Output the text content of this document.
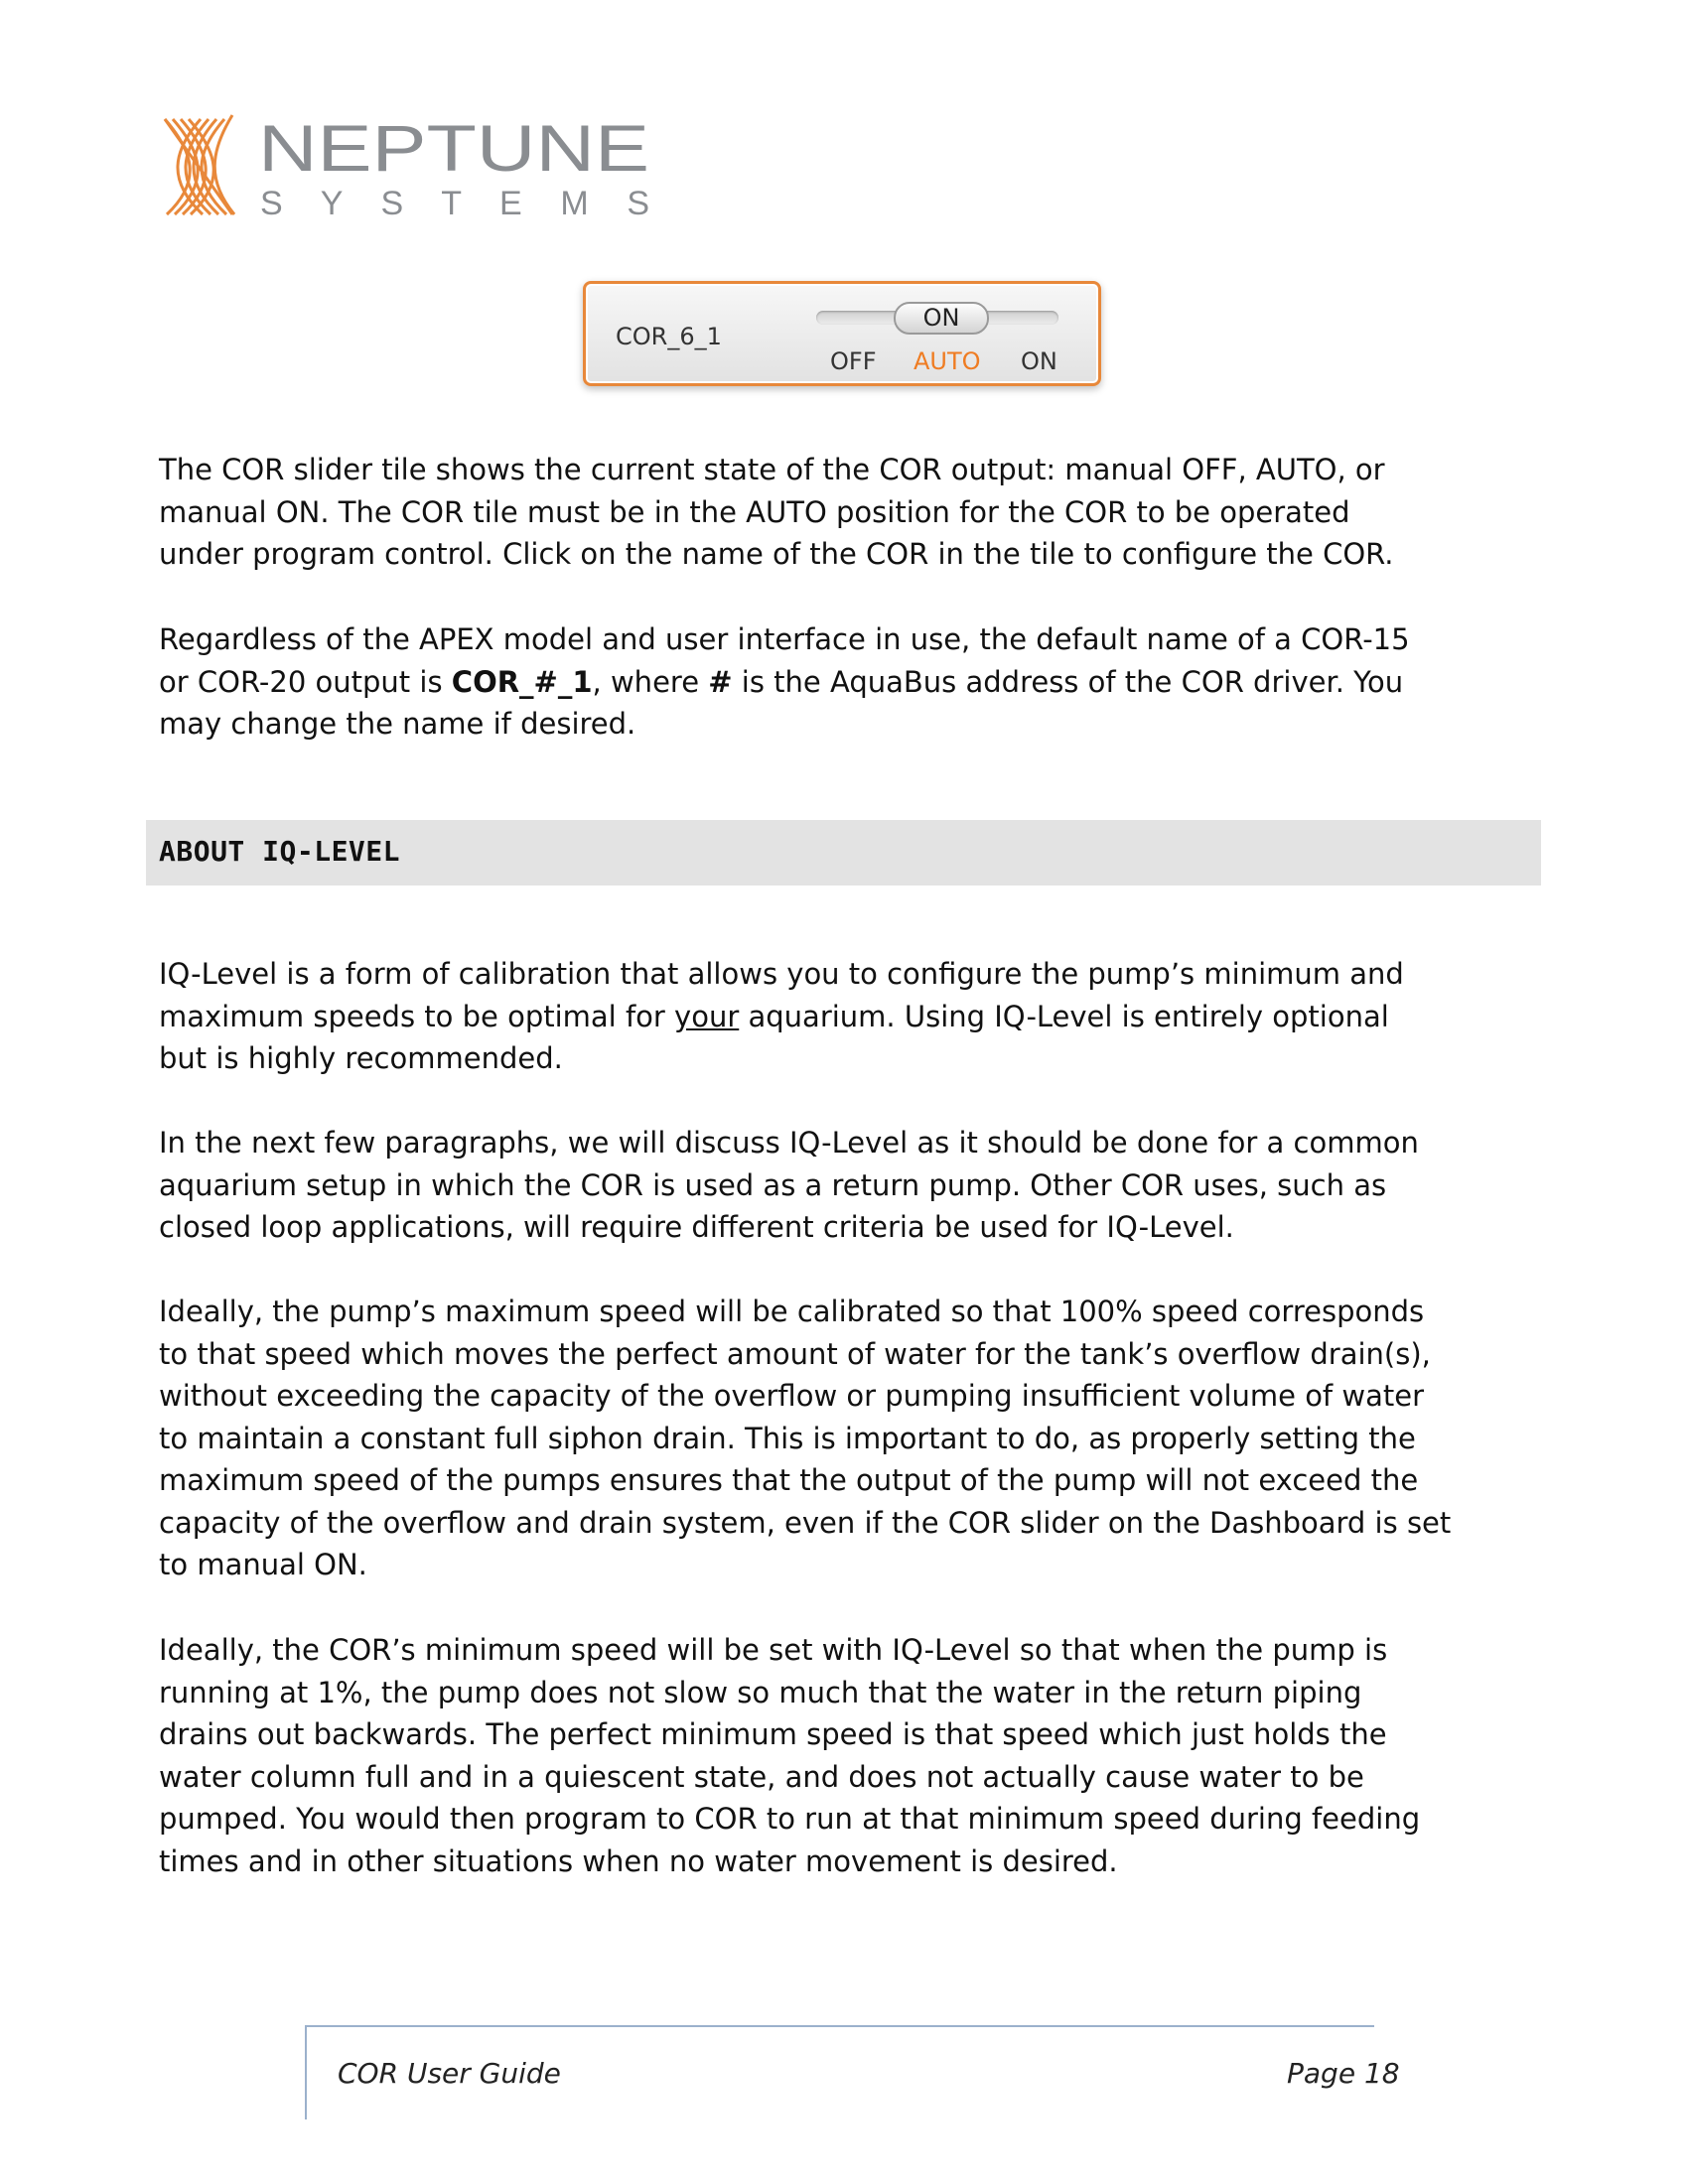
NEPTUNE
S Y S T E M S
COR_6_1
ON
OFF AUTO ON

The COR slider tile shows the current state of the COR output: manual OFF, AUTO, or
manual ON. The COR tile must be in the AUTO position for the COR to be operated
under program control. Click on the name of the COR in the tile to configure the COR.

Regardless of the APEX model and user interface in use, the default name of a COR-15
or COR-20 output is COR_#_1, where # is the AquaBus address of the COR driver. You
may change the name if desired.

ABOUT IQ-LEVEL

IQ-Level is a form of calibration that allows you to configure the pump’s minimum and
maximum speeds to be optimal for your aquarium. Using IQ-Level is entirely optional
but is highly recommended.

In the next few paragraphs, we will discuss IQ-Level as it should be done for a common
aquarium setup in which the COR is used as a return pump. Other COR uses, such as
closed loop applications, will require different criteria be used for IQ-Level.

Ideally, the pump’s maximum speed will be calibrated so that 100% speed corresponds
to that speed which moves the perfect amount of water for the tank’s overflow drain(s),
without exceeding the capacity of the overflow or pumping insufficient volume of water
to maintain a constant full siphon drain. This is important to do, as properly setting the
maximum speed of the pumps ensures that the output of the pump will not exceed the
capacity of the overflow and drain system, even if the COR slider on the Dashboard is set
to manual ON.

Ideally, the COR’s minimum speed will be set with IQ-Level so that when the pump is
running at 1%, the pump does not slow so much that the water in the return piping
drains out backwards. The perfect minimum speed is that speed which just holds the
water column full and in a quiescent state, and does not actually cause water to be
pumped. You would then program to COR to run at that minimum speed during feeding
times and in other situations when no water movement is desired.

COR User Guide	Page 18
